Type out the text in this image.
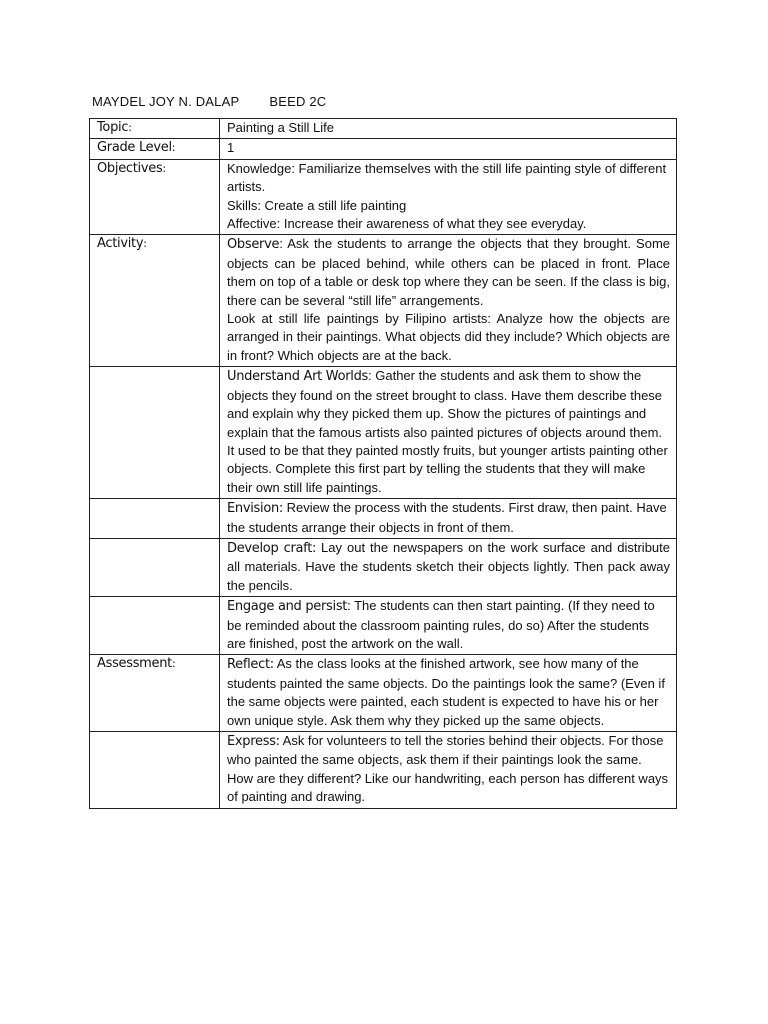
MAYDEL JOY N. DALAP BEED 2C
Topic:	Painting a Still Life
Grade Level:	1
Objectives:	Knowledge: Familiarize themselves with the still life painting style of different artists.

Skills: Create a still life painting

Affective: Increase their awareness of what they see everyday.

Activity:	Observe: Ask the students to arrange the objects that they brought. Some objects can be placed behind, while others can be placed in front. Place them on top of a table or desk top where they can be seen. If the class is big, there can be several “still life” arrangements.

Look at still life paintings by Filipino artists: Analyze how the objects are arranged in their paintings. What objects did they include? Which objects are in front? Which objects are at the back.

	Understand Art Worlds: Gather the students and ask them to show the objects they found on the street brought to class. Have them describe these and explain why they picked them up. Show the pictures of paintings and explain that the famous artists also painted pictures of objects around them. It used to be that they painted mostly fruits, but younger artists painting other objects. Complete this first part by telling the students that they will make their own still life paintings.
	Envision: Review the process with the students. First draw, then paint. Have the students arrange their objects in front of them.
	Develop craft: Lay out the newspapers on the work surface and distribute all materials. Have the students sketch their objects lightly. Then pack away the pencils.
	Engage and persist: The students can then start painting. (If they need to be reminded about the classroom painting rules, do so) After the students are finished, post the artwork on the wall.
Assessment:	Reflect: As the class looks at the finished artwork, see how many of the students painted the same objects. Do the paintings look the same? (Even if the same objects were painted, each student is expected to have his or her own unique style. Ask them why they picked up the same objects.
	Express: Ask for volunteers to tell the stories behind their objects. For those who painted the same objects, ask them if their paintings look the same. How are they different? Like our handwriting, each person has different ways of painting and drawing.
